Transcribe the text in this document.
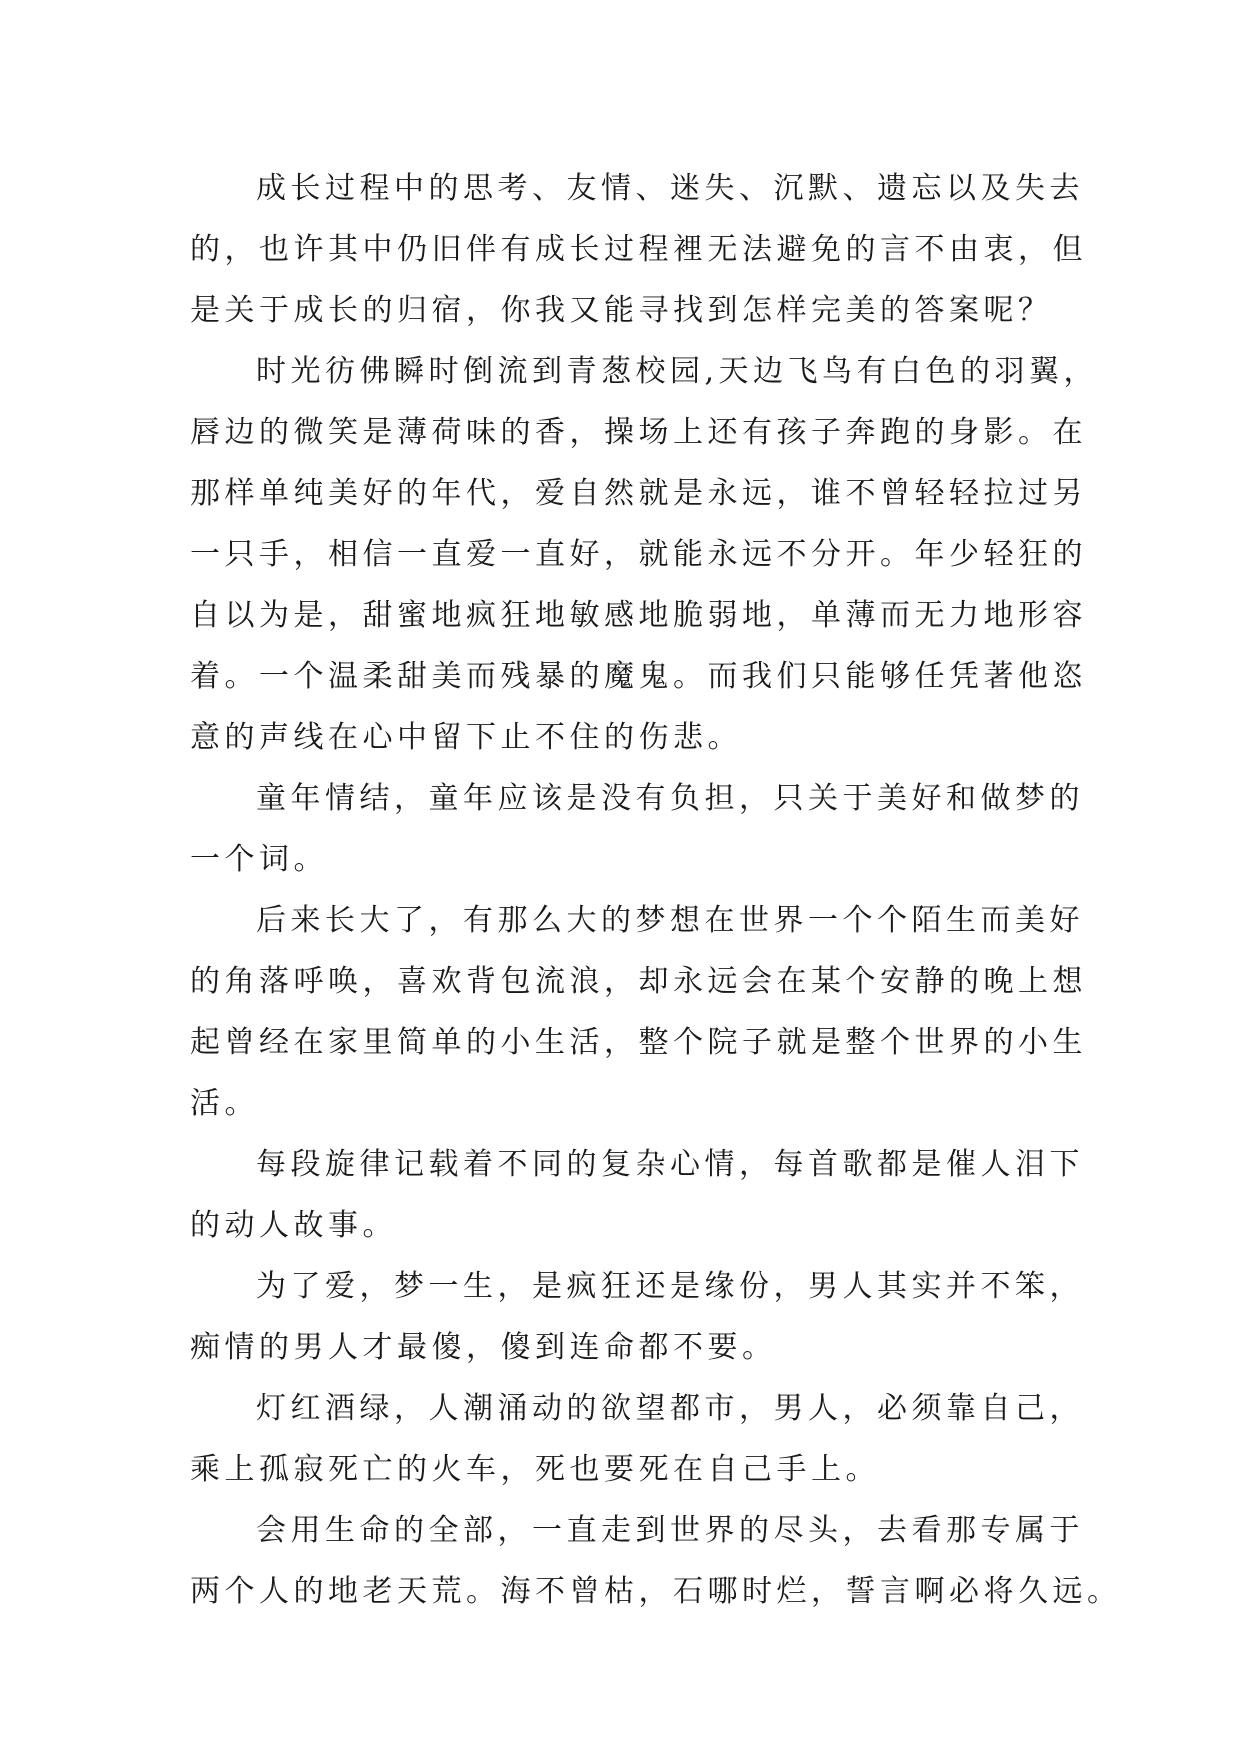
成长过程中的思考、友情、迷失、沉默、遗忘以及失去
的，也许其中仍旧伴有成长过程裡无法避免的言不由衷，但
是关于成长的归宿，你我又能寻找到怎样完美的答案呢？
时光彷佛瞬时倒流到青葱校园,天边飞鸟有白色的羽翼，
唇边的微笑是薄荷味的香，操场上还有孩子奔跑的身影。在
那样单纯美好的年代，爱自然就是永远，谁不曾轻轻拉过另
一只手，相信一直爱一直好，就能永远不分开。年少轻狂的
自以为是，甜蜜地疯狂地敏感地脆弱地，单薄而无力地形容
着。一个温柔甜美而残暴的魔鬼。而我们只能够任凭著他恣
意的声线在心中留下止不住的伤悲。
童年情结，童年应该是没有负担，只关于美好和做梦的
一个词。
后来长大了，有那么大的梦想在世界一个个陌生而美好
的角落呼唤，喜欢背包流浪，却永远会在某个安静的晚上想
起曾经在家里简单的小生活，整个院子就是整个世界的小生
活。
每段旋律记载着不同的复杂心情，每首歌都是催人泪下
的动人故事。
为了爱，梦一生，是疯狂还是缘份，男人其实并不笨，
痴情的男人才最傻，傻到连命都不要。
灯红酒绿，人潮涌动的欲望都市，男人，必须靠自己，
乘上孤寂死亡的火车，死也要死在自己手上。
会用生命的全部，一直走到世界的尽头，去看那专属于
两个人的地老天荒。海不曾枯，石哪时烂，誓言啊必将久远。
